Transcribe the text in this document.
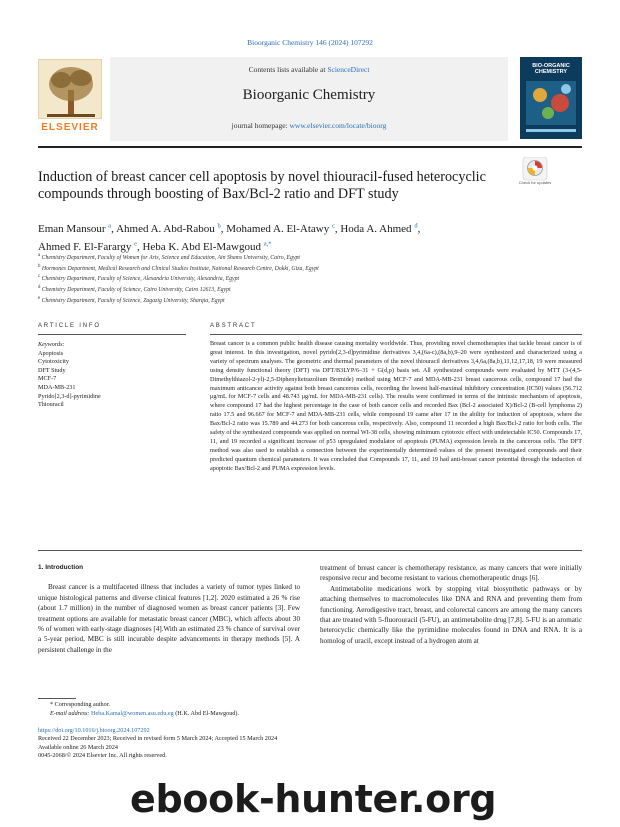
Bioorganic Chemistry 146 (2024) 107292
ELSEVIER
Contents lists available at ScienceDirect
Bioorganic Chemistry
journal homepage: www.elsevier.com/locate/bioorg
BIO-ORGANIC CHEMISTRY
Induction of breast cancer cell apoptosis by novel thiouracil-fused heterocyclic compounds through boosting of Bax/Bcl-2 ratio and DFT study
Check for updates
Eman Mansour $^a$, Ahmed A. Abd-Rabou $^b$, Mohamed A. El-Atawy $^c$, Hoda A. Ahmed $^d$,
Ahmed F. El-Farargy $^e$, Heba K. Abd El-Mawgoud $^{a,*}$
$^a$ Chemistry Department, Faculty of Women for Arts, Science and Education, Ain Shams University, Cairo, Egypt
$^b$ Hormones Department, Medical Research and Clinical Studies Institute, National Research Centre, Dokki, Giza, Egypt
$^c$ Chemistry Department, Faculty of Science, Alexandria University, Alexandria, Egypt
$^d$ Chemistry Department, Faculty of Science, Cairo University, Cairo 12613, Egypt
$^e$ Chemistry Department, Faculty of Science, Zagazig University, Sharqia, Egypt
ARTICLE INFO	ABSTRACT
Keywords:
Apoptosis
Cytotoxicity
DFT Study
MCF-7
MDA-MB-231
Pyrido[2,3-d]-pyrimidine
Thiouracil

Breast cancer is a common public health disease causing mortality worldwide. Thus, providing novel chemotherapies that tackle breast cancer is of great interest. In this investigation, novel pyrido[2,3-d]pyrimidine derivatives 3,4,(6a-c),(8a,b),9–20 were synthesized and characterized using a variety of spectrum analyses. The geometric and thermal parameters of the novel thiouracil derivatives 3,4,6a,(8a,b),11,12,17,18, 19 were measured using density functional theory (DFT) via DFT/B3LYP/6–31 + G(d,p) basis set. All synthesized compounds were evaluated by MTT (3-(4,5-Dimethylthiazol-2-yl)-2,5-Diphenyltetrazolium Bromide) method using MCF-7 and MDA-MB-231 breast cancerous cells, compound 17 had the maximum anticancer activity against both breast cancerous cells, recording the lowest half-maximal inhibitory concentration (IC50) values (56.712 μg/mL for MCF-7 cells and 48.743 μg/mL for MDA-MB-231 cells). The results were confirmed in terms of the intrinsic mechanism of apoptosis, where compound 17 had the highest percentage in the case of both cancer cells and recorded Bax (Bcl-2 associated X)/Bcl-2 (B-cell lymphoma 2) ratio 17.5 and 96.667 for MCF-7 and MDA-MB-231 cells, while compound 19 came after 17 in the ability for induction of apoptosis, where the Bax/Bcl-2 ratio was 15.789 and 44.273 for both cancerous cells, respectively. Also, compound 11 recorded a high Bax/Bcl-2 ratio for both cells. The safety of the synthesized compounds was applied on normal WI-38 cells, showing minimum cytotoxic effect with undetectable IC50. Compounds 17, 11, and 19 recorded a significant increase of p53 upregulated modulator of apoptosis (PUMA) expression levels in the cancerous cells. The DFT method was also used to establish a connection between the experimentally determined values of the present investigated compounds and their predicted quantum chemical parameters. It was concluded that Compounds 17, 11, and 19 had anti-breast cancer potential through the induction of apoptotic Bax/Bcl-2 and PUMA expression levels.

1. Introduction

Breast cancer is a multifaceted illness that includes a variety of tumor types linked to unique histological patterns and diverse clinical features [1,2]. 2020 estimated a 26 % rise (about 1.7 million) in the number of diagnosed women as breast cancer patients [3]. Few treatment options are available for metastatic breast cancer (MBC), which affects about 30 % of women with early-stage diagnoses [4].With an estimated 23 % chance of survival over a 5-year period, MBC is still incurable despite advancements in therapy methods [5]. A persistent challenge in the

treatment of breast cancer is chemotherapy resistance, as many cancers that were initially responsive recur and become resistant to various chemotherapeutic drugs [6].

Antimetabolite medications work by stopping vital biosynthetic pathways or by attaching themselves to macromolecules like DNA and RNA and preventing them from functioning. Aerodigestive tract, breast, and colorectal cancers are among the many cancers that are treated with 5-fluorouracil (5-FU), an antimetabolite drug [7,8]. 5-FU is an aromatic heterocyclic chemically like the pyrimidine molecules found in DNA and RNA. It is a homolog of uracil, except instead of a hydrogen atom at

* Corresponding author.
E-mail address: Heba.Kamal@women.asu.edu.eg (H.K. Abd El-Mawgoud).
https://doi.org/10.1016/j.bioorg.2024.107292
Received 22 December 2023; Received in revised form 5 March 2024; Accepted 15 March 2024
Available online 26 March 2024
0045-2068/© 2024 Elsevier Inc. All rights reserved.
ebook-hunter.org
